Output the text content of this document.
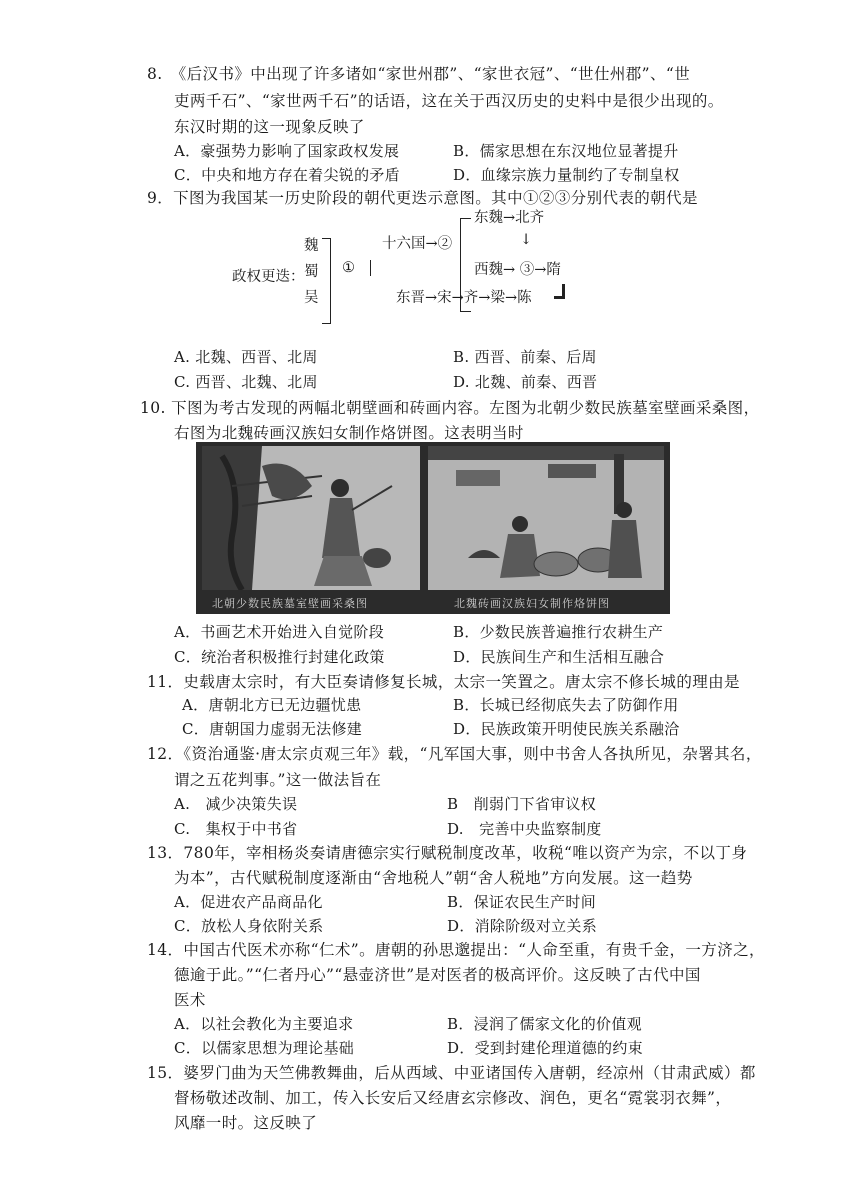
8.　《后汉书》中出现了许多诸如“家世州郡”、“家世衣冠”、“世仕州郡”、“世
吏两千石”、“家世两千石”的话语，这在关于西汉历史的史料中是很少出现的。
东汉时期的这一现象反映了
A．豪强势力影响了国家政权发展	B．儒家思想在东汉地位显著提升
C．中央和地方存在着尖锐的矛盾	D．血缘宗族力量制约了专制皇权
9．下图为我国某一历史阶段的朝代更迭示意图。其中①②③分别代表的朝代是
政权更迭：
魏
蜀
吴
①
十六国→②
东魏→北齐
↓
西魏→ ③→隋
东晋→宋→齐→梁→陈
A. 北魏、西晋、北周	B. 西晋、前秦、后周
C. 西晋、北魏、北周	D. 北魏、前秦、西晋
10. 下图为考古发现的两幅北朝壁画和砖画内容。左图为北朝少数民族墓室壁画采桑图，
右图为北魏砖画汉族妇女制作烙饼图。这表明当时
北朝少数民族墓室壁画采桑图	北魏砖画汉族妇女制作烙饼图
A．书画艺术开始进入自觉阶段	B．少数民族普遍推行农耕生产
C．统治者积极推行封建化政策	D．民族间生产和生活相互融合
11．史载唐太宗时，有大臣奏请修复长城，太宗一笑置之。唐太宗不修长城的理由是
A．唐朝北方已无边疆忧患	B．长城已经彻底失去了防御作用
C．唐朝国力虚弱无法修建	D．民族政策开明使民族关系融洽
12．《资治通鉴·唐太宗贞观三年》载，“凡军国大事，则中书舍人各执所见，杂署其名，
谓之五花判事。”这一做法旨在
A.　减少决策失误	B　削弱门下省审议权
C.　集权于中书省	D.　完善中央监察制度
13．780年，宰相杨炎奏请唐德宗实行赋税制度改革，收税“唯以资产为宗，不以丁身
为本”，古代赋税制度逐渐由“舍地税人”朝“舍人税地”方向发展。这一趋势
A．促进农产品商品化	B．保证农民生产时间
C．放松人身依附关系	D．消除阶级对立关系
14．中国古代医术亦称“仁术”。唐朝的孙思邈提出：“人命至重，有贵千金，一方济之，
德逾于此。”“仁者丹心”“悬壶济世”是对医者的极高评价。这反映了古代中国
医术
A．以社会教化为主要追求	B．浸润了儒家文化的价值观
C．以儒家思想为理论基础	D．受到封建伦理道德的约束
15．婆罗门曲为天竺佛教舞曲，后从西域、中亚诸国传入唐朝，经凉州（甘肃武威）都
督杨敬述改制、加工，传入长安后又经唐玄宗修改、润色，更名“霓裳羽衣舞”，
风靡一时。这反映了
